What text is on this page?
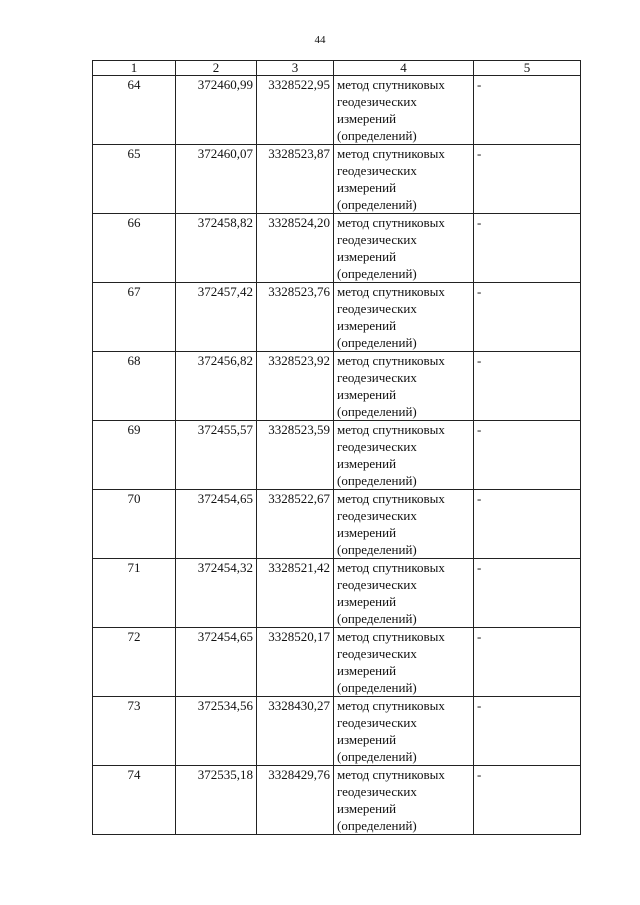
44
1	2	3	4	5
64	372460,99	3328522,95	метод спутниковых
геодезических
измерений
(определений)	-
65	372460,07	3328523,87	метод спутниковых
геодезических
измерений
(определений)	-
66	372458,82	3328524,20	метод спутниковых
геодезических
измерений
(определений)	-
67	372457,42	3328523,76	метод спутниковых
геодезических
измерений
(определений)	-
68	372456,82	3328523,92	метод спутниковых
геодезических
измерений
(определений)	-
69	372455,57	3328523,59	метод спутниковых
геодезических
измерений
(определений)	-
70	372454,65	3328522,67	метод спутниковых
геодезических
измерений
(определений)	-
71	372454,32	3328521,42	метод спутниковых
геодезических
измерений
(определений)	-
72	372454,65	3328520,17	метод спутниковых
геодезических
измерений
(определений)	-
73	372534,56	3328430,27	метод спутниковых
геодезических
измерений
(определений)	-
74	372535,18	3328429,76	метод спутниковых
геодезических
измерений
(определений)	-
